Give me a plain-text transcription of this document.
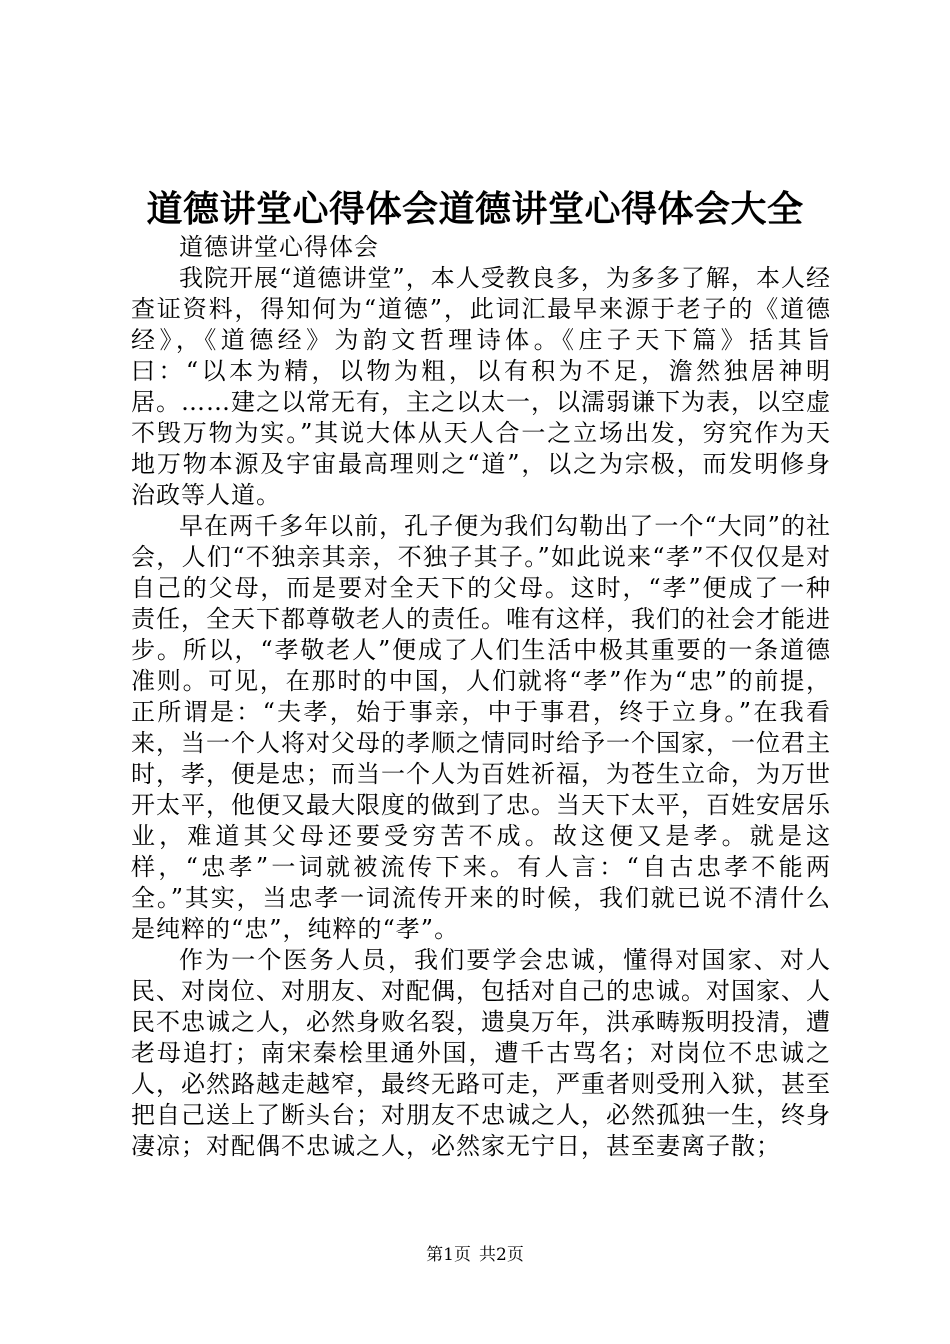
道德讲堂心得体会道德讲堂心得体会大全
道德讲堂心得体会

我院开展“道德讲堂”，本人受教良多，为多多了解，本人经查证资料，得知何为“道德”，此词汇最早来源于老子的《道德经》，《道德经》为韵文哲理诗体。《庄子天下篇》括其旨曰：“以本为精，以物为粗，以有积为不足，澹然独居神明居。……建之以常无有，主之以太一，以濡弱谦下为表，以空虚不毁万物为实。”其说大体从天人合一之立场出发，穷究作为天地万物本源及宇宙最高理则之“道”，以之为宗极，而发明修身治政等人道。

早在两千多年以前，孔子便为我们勾勒出了一个“大同”的社会，人们“不独亲其亲，不独子其子。”如此说来“孝”不仅仅是对自己的父母，而是要对全天下的父母。这时，“孝”便成了一种责任，全天下都尊敬老人的责任。唯有这样，我们的社会才能进步。所以，“孝敬老人”便成了人们生活中极其重要的一条道德准则。可见，在那时的中国，人们就将“孝”作为“忠”的前提，正所谓是：“夫孝，始于事亲，中于事君，终于立身。”在我看来，当一个人将对父母的孝顺之情同时给予一个国家，一位君主时，孝，便是忠；而当一个人为百姓祈福，为苍生立命，为万世开太平，他便又最大限度的做到了忠。当天下太平，百姓安居乐业，难道其父母还要受穷苦不成。故这便又是孝。就是这样，“忠孝”一词就被流传下来。有人言：“自古忠孝不能两全。”其实，当忠孝一词流传开来的时候，我们就已说不清什么是纯粹的“忠”，纯粹的“孝”。

作为一个医务人员，我们要学会忠诚，懂得对国家、对人民、对岗位、对朋友、对配偶，包括对自己的忠诚。对国家、人民不忠诚之人，必然身败名裂，遗臭万年，洪承畴叛明投清，遭老母追打；南宋秦桧里通外国，遭千古骂名；对岗位不忠诚之人，必然路越走越窄，最终无路可走，严重者则受刑入狱，甚至把自己送上了断头台；对朋友不忠诚之人，必然孤独一生，终身凄凉；对配偶不忠诚之人，必然家无宁日，甚至妻离子散；

第1页 共2页
